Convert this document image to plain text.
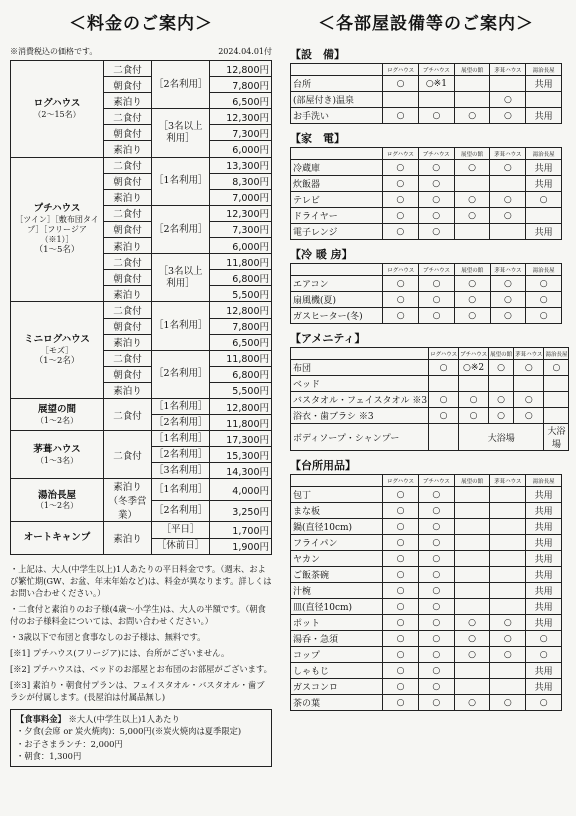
＜料金のご案内＞
※消費税込の価格です。	2024.04.01付
ログハウス
（2～15名）	二食付	［2名利用］	12,800円
	朝食付		7,800円
	素泊り		6,500円
	二食付	［3名以上利用］	12,300円
	朝食付		7,300円
	素泊り		6,000円

プチハウス
［ツイン］［敷布団タイプ］［フリージア（※1）］
（1～5名）	二食付	［1名利用］	13,300円
	朝食付		8,300円
	素泊り		7,000円
	二食付	［2名利用］	12,300円
	朝食付		7,300円
	素泊り		6,000円
	二食付	［3名以上利用］	11,800円
	朝食付		6,800円
	素泊り		5,500円

ミニログハウス
［モズ］
（1～2名）	二食付	［1名利用］	12,800円
	朝食付		7,800円
	素泊り		6,500円
	二食付	［2名利用］	11,800円
	朝食付		6,800円
	素泊り		5,500円

展望の間
（1～2名）	二食付	［1名利用］	12,800円
		［2名利用］	11,800円

茅葺ハウス
（1～3名）	二食付	［1名利用］	17,300円
		［2名利用］	15,300円
		［3名利用］	14,300円

湯治長屋
（1～2名）	素泊り（冬季営業）	［1名利用］	4,000円
		［2名利用］	3,250円

オートキャンプ	素泊り	［平日］	1,700円
		［休前日］	1,900円

・上記は、大人(中学生以上)1人あたりの平日料金です。（週末、および繁忙期(GW、お盆、年末年始など)は、料金が異なります。詳しくはお問い合わせください。）

・二食付と素泊りのお子様(4歳～小学生)は、大人の半額です。（朝食付のお子様料金については、お問い合わせください。）

・3歳以下で布団と食事なしのお子様は、無料です。

[※1] プチハウス(フリージア)には、台所がございません。

[※2] プチハウスは、ベッドのお部屋とお布団のお部屋がございます。

[※3] 素泊り・朝食付プランは、フェイスタオル・バスタオル・歯ブラシが付属します。(長屋泊は付属品無し)

【食事料金】 ※大人(中学生以上)1人あたり
・夕食(会席 or 炭火焼肉)：5,000円(※炭火焼肉は夏季限定)
・お子さまランチ：2,000円
・朝食：1,300円
＜各部屋設備等のご案内＞
【設　備】
	ログハウス	プチハウス	展望の館	茅葺ハウス	湯治長屋
台所	○	○※1			共用
(部屋付き)温泉				○	
お手洗い	○	○	○	○	共用
【家　電】
	ログハウス	プチハウス	展望の館	茅葺ハウス	湯治長屋
冷蔵庫	○	○	○	○	共用
炊飯器	○	○			共用
テレビ	○	○	○	○	○
ドライヤー	○	○	○	○	
電子レンジ	○	○			共用
【冷 暖 房】
	ログハウス	プチハウス	展望の館	茅葺ハウス	湯治長屋
エアコン	○	○	○	○	○
扇風機(夏)	○	○	○	○	○
ガスヒーター(冬)	○	○	○	○	○
【アメニティ】
	ログハウス	プチハウス	展望の館	茅葺ハウス	湯治長屋
布団	○	○※2	○	○	○
ベッド					
バスタオル・フェイスタオル ※3	○	○	○	○	
浴衣・歯ブラシ ※3	○	○	○	○	
ボディソープ・シャンプー		大浴場			大浴場
【台所用品】
	ログハウス	プチハウス	展望の館	茅葺ハウス	湯治長屋
包丁	○	○			共用
まな板	○	○			共用
鍋(直径10cm)	○	○			共用
フライパン	○	○			共用
ヤカン	○	○			共用
ご飯茶碗	○	○			共用
汁椀	○	○			共用
皿(直径10cm)	○	○			共用
ポット	○	○	○	○	共用
湯呑・急須	○	○	○	○	○
コップ	○	○	○	○	○
しゃもじ	○	○			共用
ガスコンロ	○	○			共用
茶の葉	○	○	○	○	○
